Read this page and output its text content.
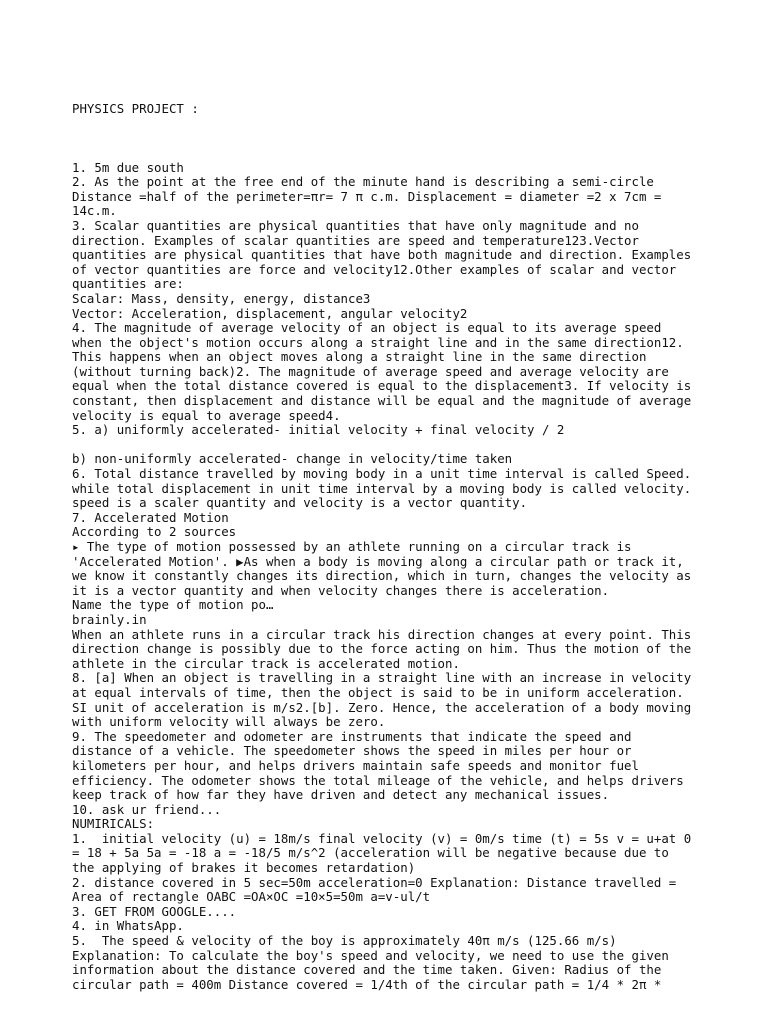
PHYSICS PROJECT :

1. 5m due south
2. As the point at the free end of the minute hand is describing a semi-circle
Distance =half of the perimeter=πr= 7 π c.m. Displacement = diameter =2 x 7cm =
14c.m.
3. Scalar quantities are physical quantities that have only magnitude and no
direction. Examples of scalar quantities are speed and temperature123.Vector
quantities are physical quantities that have both magnitude and direction. Examples
of vector quantities are force and velocity12.Other examples of scalar and vector
quantities are:
Scalar: Mass, density, energy, distance3
Vector: Acceleration, displacement, angular velocity2
4. The magnitude of average velocity of an object is equal to its average speed
when the object's motion occurs along a straight line and in the same direction12.
This happens when an object moves along a straight line in the same direction
(without turning back)2. The magnitude of average speed and average velocity are
equal when the total distance covered is equal to the displacement3. If velocity is
constant, then displacement and distance will be equal and the magnitude of average
velocity is equal to average speed4.
5. a) uniformly accelerated- initial velocity + final velocity / 2
b) non-uniformly accelerated- change in velocity/time taken
6. Total distance travelled by moving body in a unit time interval is called Speed.
while total displacement in unit time interval by a moving body is called velocity.
speed is a scaler quantity and velocity is a vector quantity.
7. Accelerated Motion
According to 2 sources
▸ The type of motion possessed by an athlete running on a circular track is
'Accelerated Motion'. ▶As when a body is moving along a circular path or track it,
we know it constantly changes its direction, which in turn, changes the velocity as
it is a vector quantity and when velocity changes there is acceleration.
Name the type of motion po…
brainly.in
When an athlete runs in a circular track his direction changes at every point. This
direction change is possibly due to the force acting on him. Thus the motion of the
athlete in the circular track is accelerated motion.
8. [a] When an object is travelling in a straight line with an increase in velocity
at equal intervals of time, then the object is said to be in uniform acceleration.
SI unit of acceleration is m/s2.[b]. Zero. Hence, the acceleration of a body moving
with uniform velocity will always be zero.
9. The speedometer and odometer are instruments that indicate the speed and
distance of a vehicle. The speedometer shows the speed in miles per hour or
kilometers per hour, and helps drivers maintain safe speeds and monitor fuel
efficiency. The odometer shows the total mileage of the vehicle, and helps drivers
keep track of how far they have driven and detect any mechanical issues.
10. ask ur friend...
NUMIRICALS:
1.  initial velocity (u) = 18m/s final velocity (v) = 0m/s time (t) = 5s v = u+at 0
= 18 + 5a 5a = -18 a = -18/5 m/s^2 (acceleration will be negative because due to
the applying of brakes it becomes retardation)
2. distance covered in 5 sec=50m acceleration=0 Explanation: Distance travelled =
Area of rectangle OABC =OA×OC =10×5=50m a=v-ul/t
3. GET FROM GOOGLE....
4. in WhatsApp.
5.  The speed & velocity of the boy is approximately 40π m/s (125.66 m/s)
Explanation: To calculate the boy's speed and velocity, we need to use the given
information about the distance covered and the time taken. Given: Radius of the
circular path = 400m Distance covered = 1/4th of the circular path = 1/4 * 2π *
